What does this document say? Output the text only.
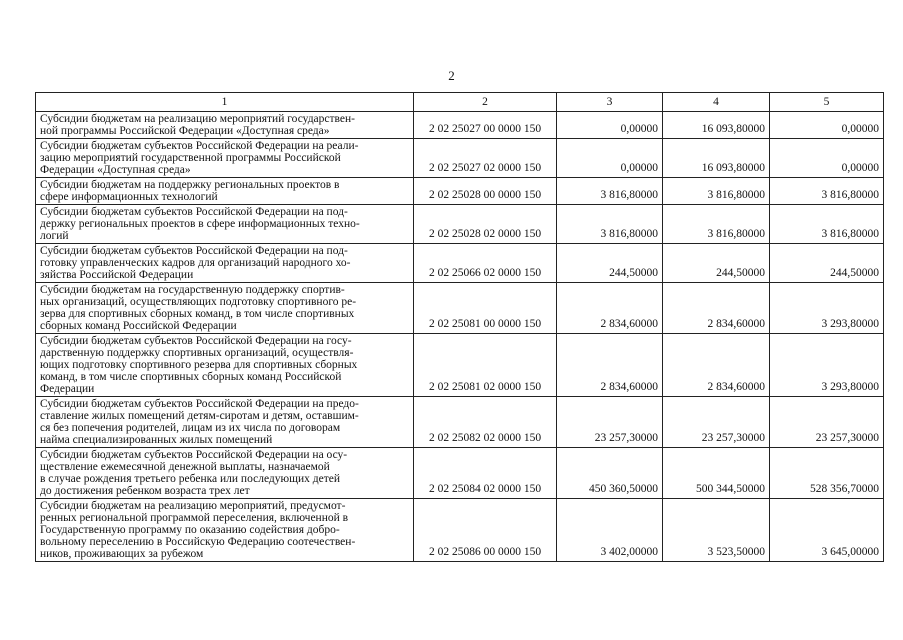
2
1	2	3	4	5

Субсидии бюджетам на реализацию мероприятий государствен-
ной программы Российской Федерации «Доступная среда»	2 02 25027 00 0000 150	0,00000	16 093,80000	0,00000

Субсидии бюджетам субъектов Российской Федерации на реали-
зацию мероприятий государственной программы Российской
Федерации «Доступная среда»	2 02 25027 02 0000 150	0,00000	16 093,80000	0,00000

Субсидии бюджетам на поддержку региональных проектов в
сфере информационных технологий	2 02 25028 00 0000 150	3 816,80000	3 816,80000	3 816,80000

Субсидии бюджетам субъектов Российской Федерации на под-
держку региональных проектов в сфере информационных техно-
логий	2 02 25028 02 0000 150	3 816,80000	3 816,80000	3 816,80000

Субсидии бюджетам субъектов Российской Федерации на под-
готовку управленческих кадров для организаций народного хо-
зяйства Российской Федерации	2 02 25066 02 0000 150	244,50000	244,50000	244,50000

Субсидии бюджетам на государственную поддержку спортив-
ных организаций, осуществляющих подготовку спортивного ре-
зерва для спортивных сборных команд, в том числе спортивных
сборных команд Российской Федерации	2 02 25081 00 0000 150	2 834,60000	2 834,60000	3 293,80000

Субсидии бюджетам субъектов Российской Федерации на госу-
дарственную поддержку спортивных организаций, осуществля-
ющих подготовку спортивного резерва для спортивных сборных
команд, в том числе спортивных сборных команд Российской
Федерации	2 02 25081 02 0000 150	2 834,60000	2 834,60000	3 293,80000

Субсидии бюджетам субъектов Российской Федерации на предо-
ставление жилых помещений детям-сиротам и детям, оставшим-
ся без попечения родителей, лицам из их числа по договорам
найма специализированных жилых помещений	2 02 25082 02 0000 150	23 257,30000	23 257,30000	23 257,30000

Субсидии бюджетам субъектов Российской Федерации на осу-
ществление ежемесячной денежной выплаты, назначаемой
в случае рождения третьего ребенка или последующих детей
до достижения ребенком возраста трех лет	2 02 25084 02 0000 150	450 360,50000	500 344,50000	528 356,70000

Субсидии бюджетам на реализацию мероприятий, предусмот-
ренных региональной программой переселения, включенной в
Государственную программу по оказанию содействия добро-
вольному переселению в Российскую Федерацию соотечествен-
ников, проживающих за рубежом	2 02 25086 00 0000 150	3 402,00000	3 523,50000	3 645,00000
